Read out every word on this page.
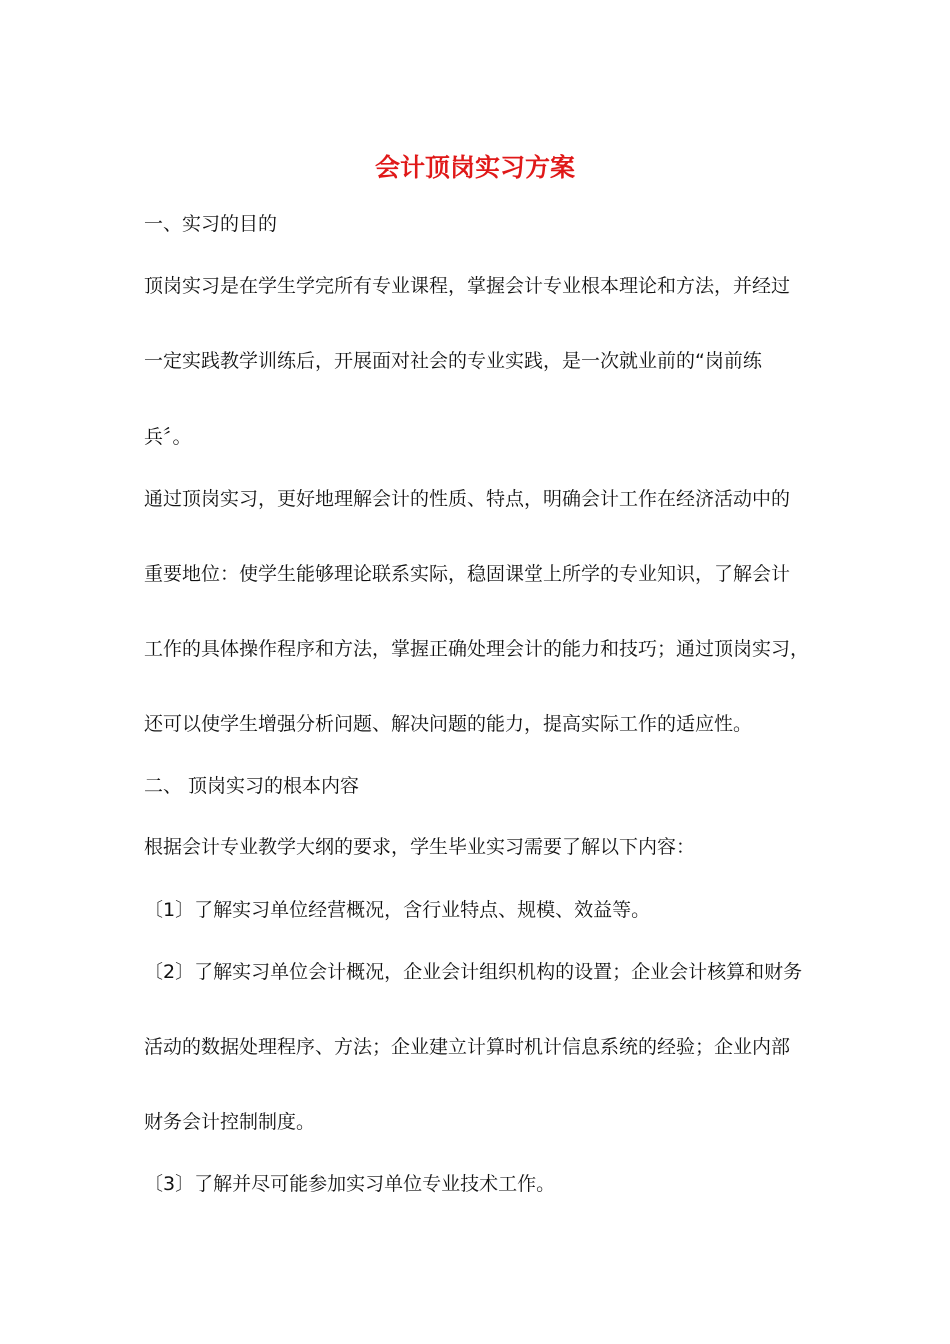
会计顶岗实习方案

一、实习的目的

顶岗实习是在学生学完所有专业课程，掌握会计专业根本理论和方法，并经过

一定实践教学训练后，开展面对社会的专业实践，是一次就业前的“岗前练

兵〞。

通过顶岗实习，更好地理解会计的性质、特点，明确会计工作在经济活动中的

重要地位：使学生能够理论联系实际，稳固课堂上所学的专业知识，了解会计

工作的具体操作程序和方法，掌握正确处理会计的能力和技巧；通过顶岗实习，

还可以使学生增强分析问题、解决问题的能力，提高实际工作的适应性。

二、 顶岗实习的根本内容

根据会计专业教学大纲的要求，学生毕业实习需要了解以下内容：

〔1〕了解实习单位经营概况，含行业特点、规模、效益等。

〔2〕了解实习单位会计概况，企业会计组织机构的设置；企业会计核算和财务

活动的数据处理程序、方法；企业建立计算时机计信息系统的经验；企业内部

财务会计控制制度。

〔3〕了解并尽可能参加实习单位专业技术工作。
